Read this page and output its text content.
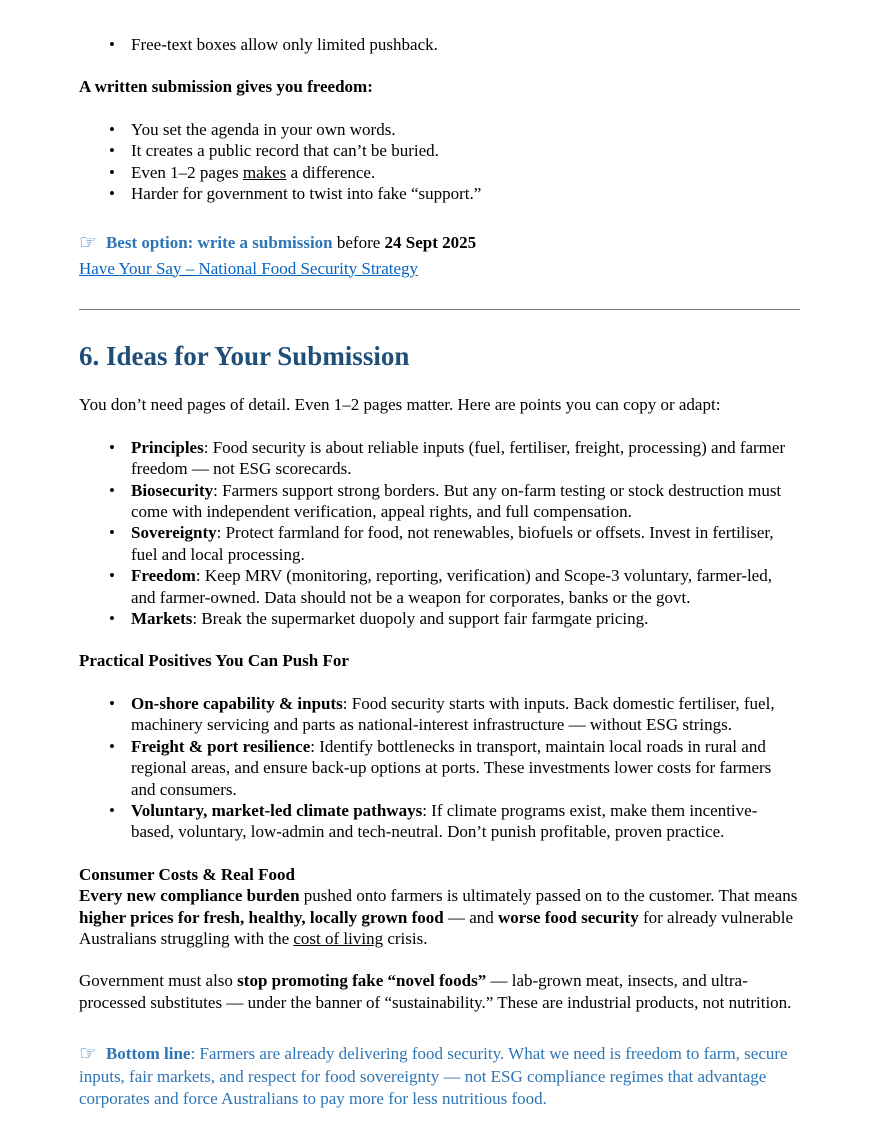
• Free-text boxes allow only limited pushback.

A written submission gives you freedom:

• You set the agenda in your own words.
• It creates a public record that can’t be buried.
• Even 1–2 pages makes a difference.
• Harder for government to twist into fake “support.”

☞ Best option: write a submission before 24 Sept 2025

Have Your Say – National Food Security Strategy

6. Ideas for Your Submission

You don’t need pages of detail. Even 1–2 pages matter. Here are points you can copy or adapt:

• Principles: Food security is about reliable inputs (fuel, fertiliser, freight, processing) and farmer freedom — not ESG scorecards.
• Biosecurity: Farmers support strong borders. But any on-farm testing or stock destruction must come with independent verification, appeal rights, and full compensation.
• Sovereignty: Protect farmland for food, not renewables, biofuels or offsets. Invest in fertiliser, fuel and local processing.
• Freedom: Keep MRV (monitoring, reporting, verification) and Scope-3 voluntary, farmer-led, and farmer-owned. Data should not be a weapon for corporates, banks or the govt.
• Markets: Break the supermarket duopoly and support fair farmgate pricing.

Practical Positives You Can Push For

• On-shore capability & inputs: Food security starts with inputs. Back domestic fertiliser, fuel, machinery servicing and parts as national-interest infrastructure — without ESG strings.
• Freight & port resilience: Identify bottlenecks in transport, maintain local roads in rural and regional areas, and ensure back-up options at ports. These investments lower costs for farmers and consumers.
• Voluntary, market-led climate pathways: If climate programs exist, make them incentive-based, voluntary, low-admin and tech-neutral. Don’t punish profitable, proven practice.

Consumer Costs & Real Food
Every new compliance burden pushed onto farmers is ultimately passed on to the customer. That means higher prices for fresh, healthy, locally grown food — and worse food security for already vulnerable Australians struggling with the cost of living crisis.

Government must also stop promoting fake “novel foods” — lab-grown meat, insects, and ultra-processed substitutes — under the banner of “sustainability.” These are industrial products, not nutrition.

☞ Bottom line: Farmers are already delivering food security. What we need is freedom to farm, secure inputs, fair markets, and respect for food sovereignty — not ESG compliance regimes that advantage corporates and force Australians to pay more for less nutritious food.
